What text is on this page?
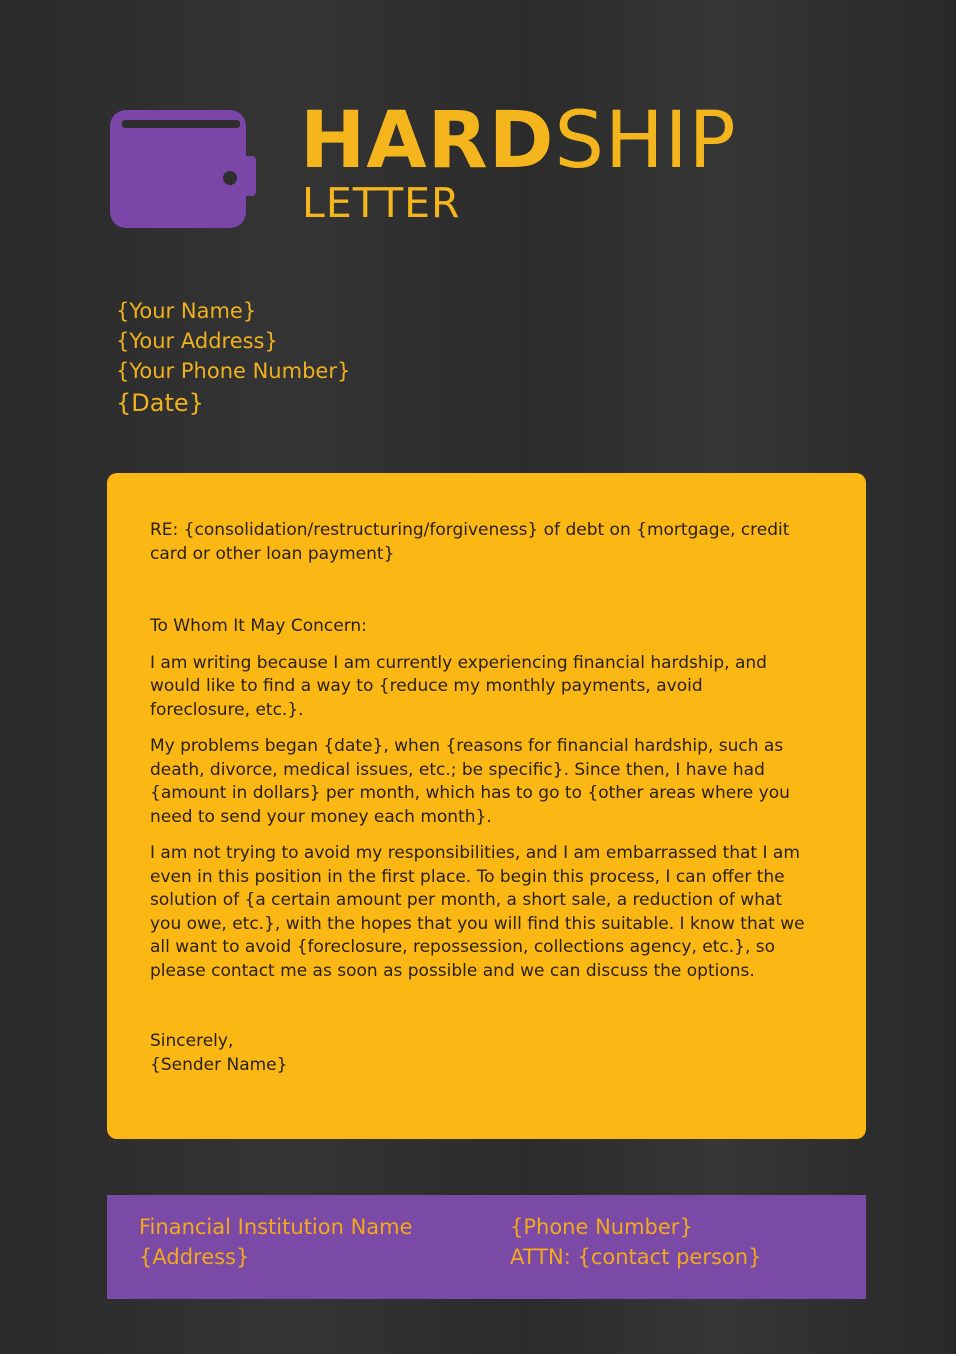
HARDSHIP
LETTER
{Your Name}
{Your Address}
{Your Phone Number}
{Date}

RE: {consolidation/restructuring/forgiveness} of debt on {mortgage, credit card or other loan payment}

To Whom It May Concern:

I am writing because I am currently experiencing financial hardship, and would like to find a way to {reduce my monthly payments, avoid foreclosure, etc.}.

My problems began {date}, when {reasons for financial hardship, such as death, divorce, medical issues, etc.; be specific}. Since then, I have had {amount in dollars} per month, which has to go to {other areas where you need to send your money each month}.

I am not trying to avoid my responsibilities, and I am embarrassed that I am even in this position in the first place. To begin this process, I can offer the solution of {a certain amount per month, a short sale, a reduction of what you owe, etc.}, with the hopes that you will find this suitable. I know that we all want to avoid {foreclosure, repossession, collections agency, etc.}, so please contact me as soon as possible and we can discuss the options.

Sincerely,

{Sender Name}

Financial Institution Name
{Address}
{Phone Number}
ATTN: {contact person}
